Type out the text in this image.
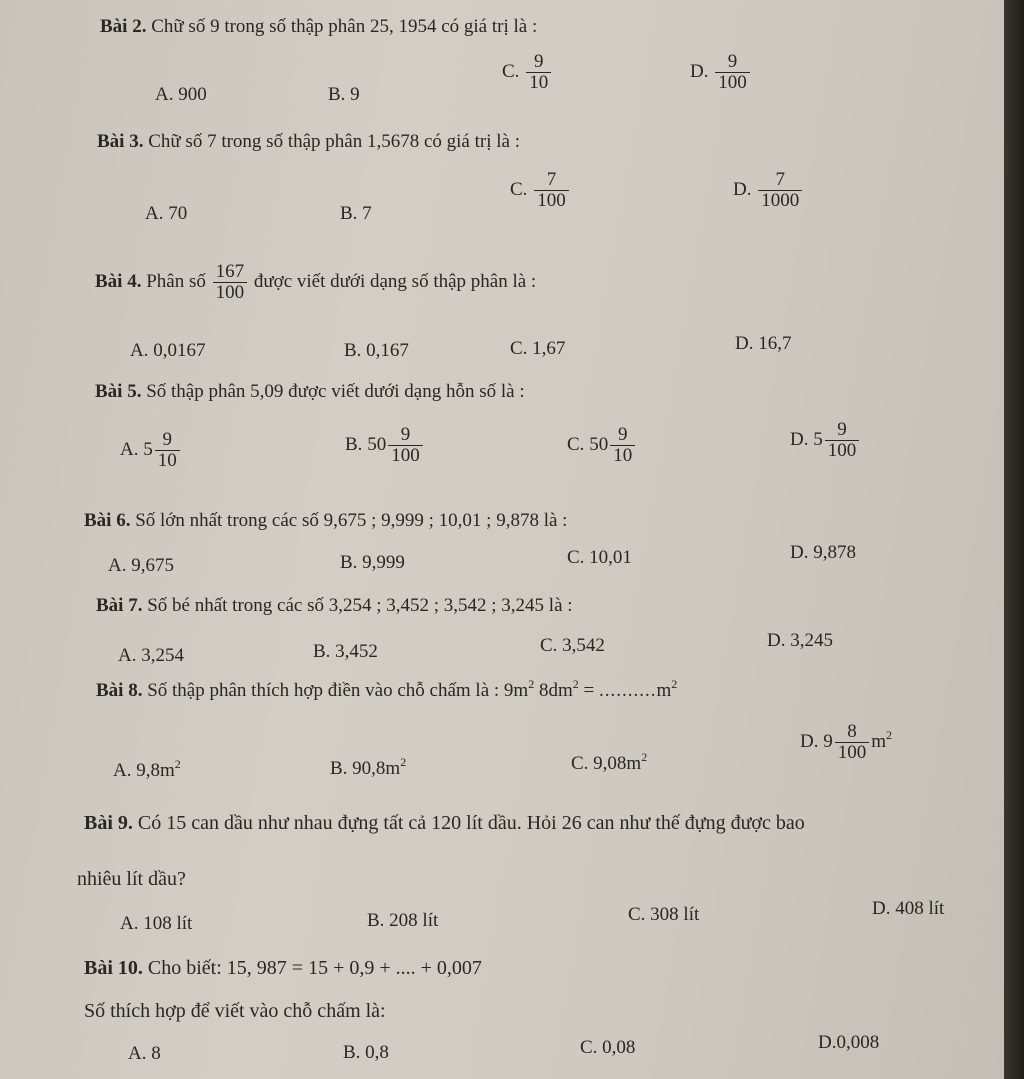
Bài 2. Chữ số 9 trong số thập phân 25, 1954 có giá trị là :
A. 900	B. 9
C. $\frac{9}{10}$	D. $\frac{9}{100}$
Bài 3. Chữ số 7 trong số thập phân 1,5678 có giá trị là :
A. 70	B. 7
C. $\frac{7}{100}$	D. $\frac{7}{1000}$
Bài 4. Phân số $\frac{167}{100}$ được viết dưới dạng số thập phân là :
A. 0,0167	B. 0,167	C. 1,67	D. 16,7
Bài 5. Số thập phân 5,09 được viết dưới dạng hỗn số là :
A. $5 \frac{9}{10}$	B. $50 \frac{9}{100}$	C. $50 \frac{9}{10}$	D. $5 \frac{9}{100}$
Bài 6. Số lớn nhất trong các số 9,675 ; 9,999 ; 10,01 ; 9,878 là :
A. 9,675	B. 9,999	C. 10,01	D. 9,878
Bài 7. Số bé nhất trong các số 3,254 ; 3,452 ; 3,542 ; 3,245 là :
A. 3,254	B. 3,452	C. 3,542	D. 3,245
Bài 8. Số thập phân thích hợp điền vào chỗ chấm là : $9m^2$ $8dm^2 = ..........m^2$
A. $9,8m^2$	B. $90,8m^2$	C. $9,08m^2$
D. $9 \frac{8}{100} m^2$
Bài 9. Có 15 can dầu như nhau đựng tất cả 120 lít dầu. Hỏi 26 can như thế đựng được bao
nhiêu lít dầu?
A. 108 lít	B. 208 lít	C. 308 lít	D. 408 lít
Bài 10. Cho biết: 15, 987 = 15 + 0,9 + .... + 0,007
Số thích hợp để viết vào chỗ chấm là:
A. 8	B. 0,8	C. 0,08	D.0,008
